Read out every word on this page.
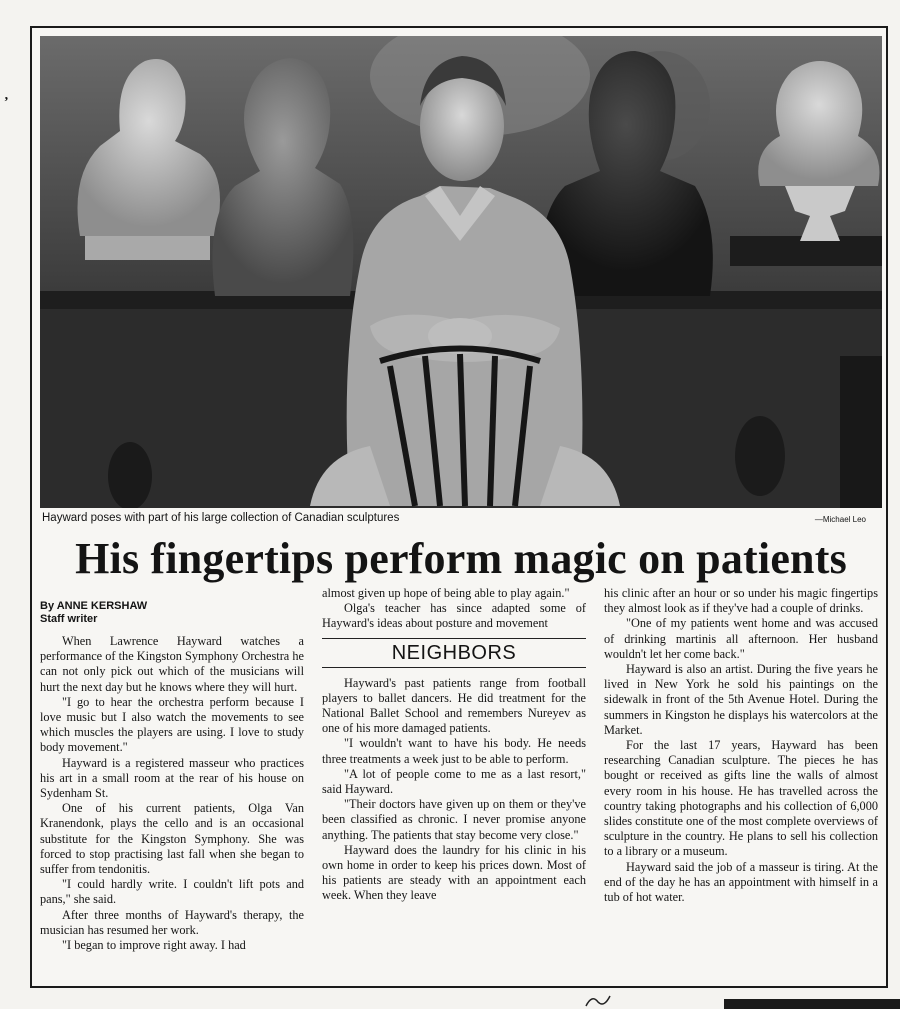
‚
Hayward poses with part of his large collection of Canadian sculptures	—Michael Leo
His fingertips perform magic on patients
By ANNE KERSHAW
Staff writer

When Lawrence Hayward watches a performance of the Kingston Symphony Orchestra he can not only pick out which of the musicians will hurt the next day but he knows where they will hurt.

"I go to hear the orchestra perform because I love music but I also watch the movements to see which muscles the players are using. I love to study body movement."

Hayward is a registered masseur who practices his art in a small room at the rear of his house on Sydenham St.

One of his current patients, Olga Van Kranendonk, plays the cello and is an occasional substitute for the Kingston Symphony. She was forced to stop practising last fall when she began to suffer from tendonitis.

"I could hardly write. I couldn't lift pots and pans," she said.

After three months of Hayward's therapy, the musician has resumed her work.

"I began to improve right away. I had

almost given up hope of being able to play again."

Olga's teacher has since adapted some of Hayward's ideas about posture and movement

NEIGHBORS

Hayward's past patients range from football players to ballet dancers. He did treatment for the National Ballet School and remembers Nureyev as one of his more damaged patients.

"I wouldn't want to have his body. He needs three treatments a week just to be able to perform.

"A lot of people come to me as a last resort," said Hayward.

"Their doctors have given up on them or they've been classified as chronic. I never promise anyone anything. The patients that stay become very close."

Hayward does the laundry for his clinic in his own home in order to keep his prices down. Most of his patients are steady with an appointment each week. When they leave

his clinic after an hour or so under his magic fingertips they almost look as if they've had a couple of drinks.

"One of my patients went home and was accused of drinking martinis all afternoon. Her husband wouldn't let her come back."

Hayward is also an artist. During the five years he lived in New York he sold his paintings on the sidewalk in front of the 5th Avenue Hotel. During the summers in Kingston he displays his watercolors at the Market.

For the last 17 years, Hayward has been researching Canadian sculpture. The pieces he has bought or received as gifts line the walls of almost every room in his house. He has travelled across the country taking photographs and his collection of 6,000 slides constitute one of the most complete overviews of sculpture in the country. He plans to sell his collection to a library or a museum.

Hayward said the job of a masseur is tiring. At the end of the day he has an appointment with himself in a tub of hot water.
